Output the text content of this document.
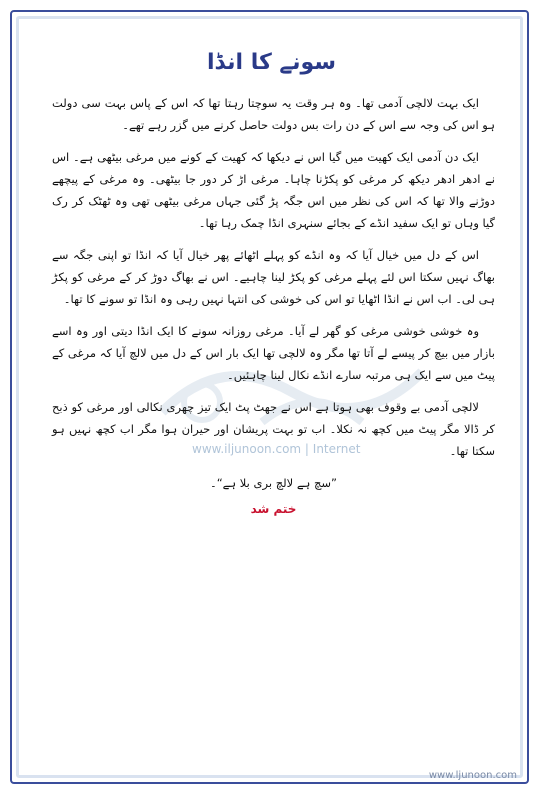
سونے کا انڈا
www.iljunoon.com | Internet

ایک بہت لالچی آدمی تھا۔ وہ ہر وقت یہ سوچتا رہتا تھا کہ اس کے پاس بہت سی دولت ہو اس کی وجہ سے اس کے دن رات بس دولت حاصل کرنے میں گزر رہے تھے۔

ایک دن آدمی ایک کھیت میں گیا اس نے دیکھا کہ کھیت کے کونے میں مرغی بیٹھی ہے۔ اس نے ادھر ادھر دیکھ کر مرغی کو پکڑنا چاہا۔ مرغی اڑ کر دور جا بیٹھی۔ وہ مرغی کے پیچھے دوڑنے والا تھا کہ اس کی نظر میں اس جگہ پڑ گئی جہاں مرغی بیٹھی تھی وہ ٹھٹک کر رک گیا وہاں تو ایک سفید انڈے کے بجائے سنہری انڈا چمک رہا تھا۔

اس کے دل میں خیال آیا کہ وہ انڈے کو پہلے اٹھائے پھر خیال آیا کہ انڈا تو اپنی جگہ سے بھاگ نہیں سکتا اس لئے پہلے مرغی کو پکڑ لینا چاہیے۔ اس نے بھاگ دوڑ کر کے مرغی کو پکڑ ہی لی۔ اب اس نے انڈا اٹھایا تو اس کی خوشی کی انتہا نہیں رہی وہ انڈا تو سونے کا تھا۔

وہ خوشی خوشی مرغی کو گھر لے آیا۔ مرغی روزانہ سونے کا ایک انڈا دیتی اور وہ اسے بازار میں بیچ کر پیسے لے آتا تھا مگر وہ لالچی تھا ایک بار اس کے دل میں لالچ آیا کہ مرغی کے پیٹ میں سے ایک ہی مرتبہ سارے انڈے نکال لینا چاہئیں۔

لالچی آدمی بے وقوف بھی ہوتا ہے اس نے جھٹ پٹ ایک تیز چھری نکالی اور مرغی کو ذبح کر ڈالا مگر پیٹ میں کچھ نہ نکلا۔ اب تو بہت پریشان اور حیران ہوا مگر اب کچھ نہیں ہو سکتا تھا۔

”سچ ہے لالچ بری بلا ہے“۔

ختم شد

www.ljunoon.com
